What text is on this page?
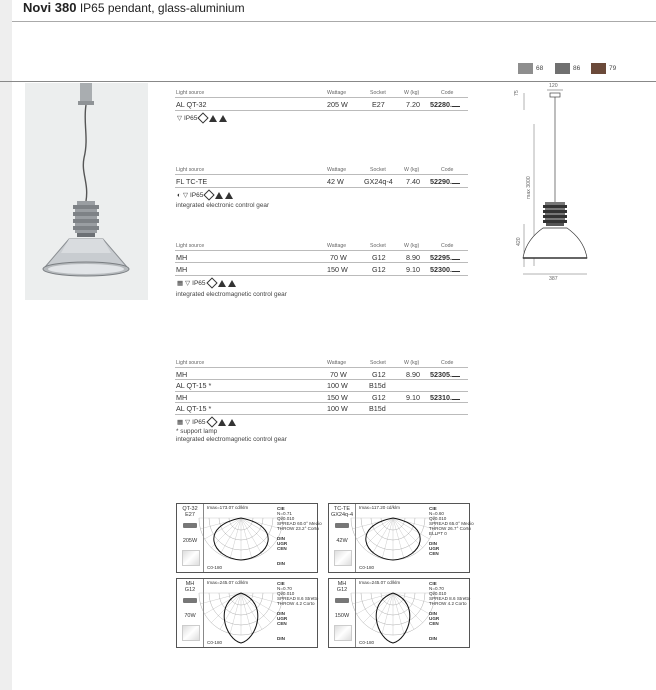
Novi 380 IP65 pendant, glass-aluminium
68	86	79
120
75
max 3000
420
387
Light source	Wattage	Socket	W (kg)	Code
AL QT-32	205 W	E27	7.20 52280.
▽ IP65
Light source	Wattage	Socket	W (kg)	Code
FL TC-TE	42 W	GX24q-4 7.40 52290.
◐ ▽ IP65
integrated electronic control gear
Light source	Wattage	Socket	W (kg)	Code
MH	70 W	G12	8.90 52295.
MH	150 W	G12	9.10 52300.
▦ ▽ IP65
integrated electromagnetic control gear
Light source	Wattage	Socket	W (kg)	Code
MH	70 W	G12	8.90 52305.
AL QT-15 *	100 W	B15d
MH	150 W	G12	9.10 52310.
AL QT-15 *	100 W	B15d
▦ ▽ IP65
* support lamp
integrated electromagnetic control gear
QT-32
E27
205W
Imax=173.07 cd/klm
C0-180
CIE
N=0.71
Ql/0.010
SPREAD 60.0° Medio
THROW 23.2° Corto
DIN
UGR
CEN
DIN
TC-TE
GX24q-4
42W
Imax=117.20 cd/klm
C0-180
CIE
N=0.60
Ql/0.010
SPREAD 65.0° Medio
THROW 26.7° Corto
ELLPT 0
DIN
UGR
CEN
MH
G12
70W
Imax=245.07 cd/klm
C0-180
CIE
N=0.70
Ql/0.010
SPREAD 8.6 Stretto
THROW 4.2 Corto
DIN
UGR
CEN
DIN
MH
G12
150W
Imax=245.07 cd/klm
C0-180
CIE
N=0.70
Ql/0.010
SPREAD 8.6 Stretto
THROW 4.2 Corto
DIN
UGR
CEN
DIN
